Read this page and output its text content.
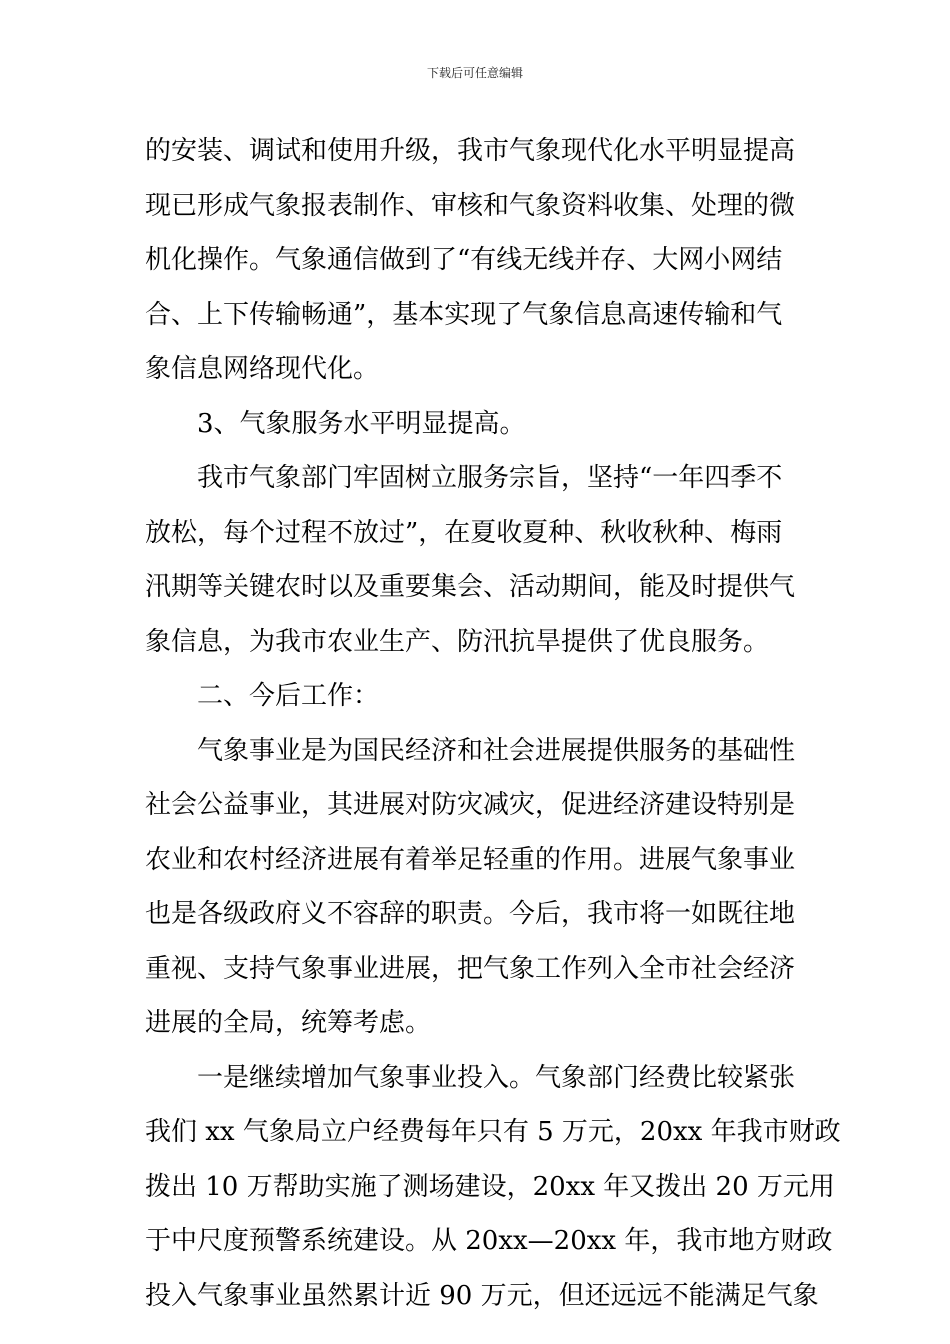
下载后可任意编辑
的安装、调试和使用升级，我市气象现代化水平明显提高
现已形成气象报表制作、审核和气象资料收集、处理的微
机化操作。气象通信做到了“有线无线并存、大网小网结
合、上下传输畅通”，基本实现了气象信息高速传输和气
象信息网络现代化。
3、气象服务水平明显提高。
我市气象部门牢固树立服务宗旨，坚持“一年四季不
放松，每个过程不放过”，在夏收夏种、秋收秋种、梅雨
汛期等关键农时以及重要集会、活动期间，能及时提供气
象信息，为我市农业生产、防汛抗旱提供了优良服务。
二、今后工作：
气象事业是为国民经济和社会进展提供服务的基础性
社会公益事业，其进展对防灾减灾，促进经济建设特别是
农业和农村经济进展有着举足轻重的作用。进展气象事业
也是各级政府义不容辞的职责。今后，我市将一如既往地
重视、支持气象事业进展，把气象工作列入全市社会经济
进展的全局，统筹考虑。
一是继续增加气象事业投入。气象部门经费比较紧张
我们 xx 气象局立户经费每年只有 5 万元，20xx 年我市财政
拨出 10 万帮助实施了测场建设，20xx 年又拨出 20 万元用
于中尺度预警系统建设。从 20xx—20xx 年，我市地方财政
投入气象事业虽然累计近 90 万元，但还远远不能满足气象
